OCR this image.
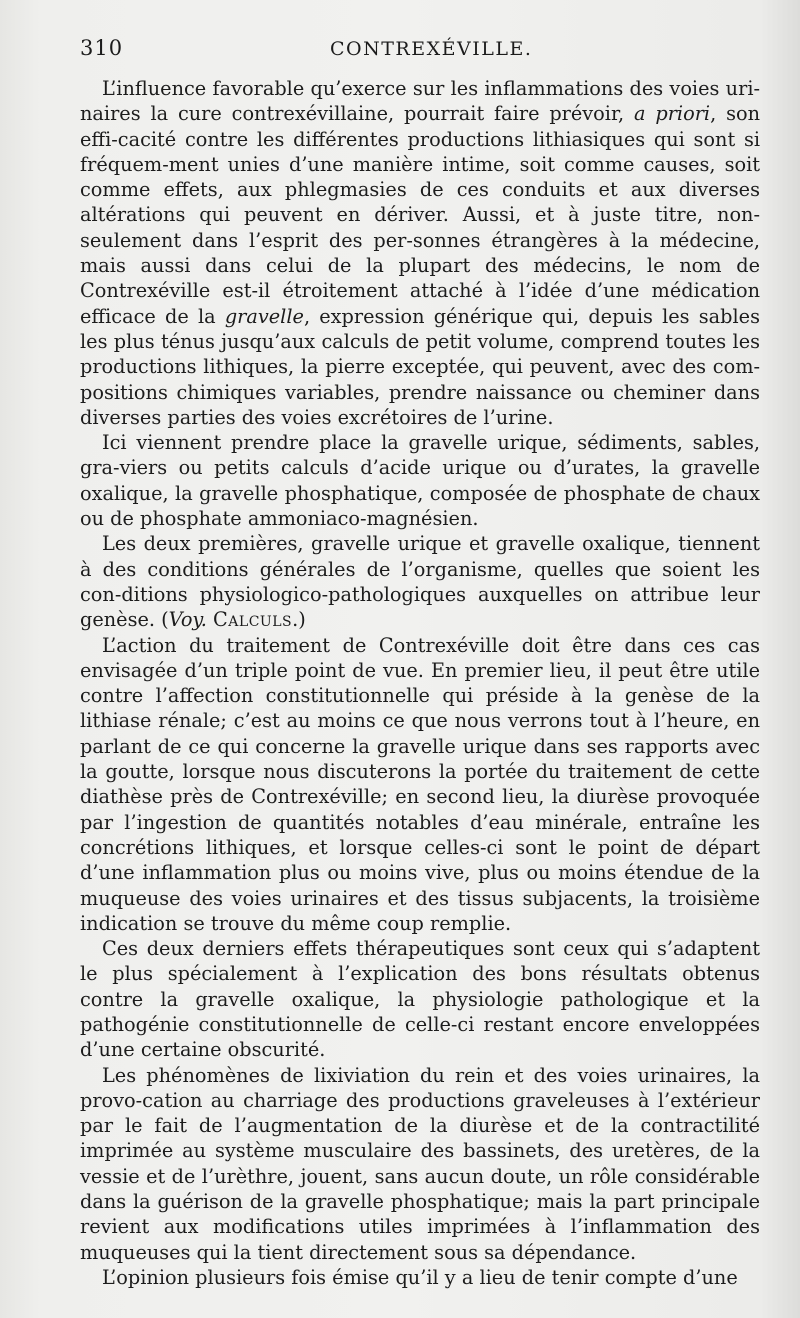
310	CONTREXÉVILLE.

L’influence favorable qu’exerce sur les inflammations des voies uri-naires la cure contrexévillaine, pourrait faire prévoir, a priori, son effi-cacité contre les différentes productions lithiasiques qui sont si fréquem-ment unies d’une manière intime, soit comme causes, soit comme effets, aux phlegmasies de ces conduits et aux diverses altérations qui peuvent en dériver. Aussi, et à juste titre, non-seulement dans l’esprit des per-sonnes étrangères à la médecine, mais aussi dans celui de la plupart des médecins, le nom de Contrexéville est-il étroitement attaché à l’idée d’une médication efficace de la gravelle, expression générique qui, depuis les sables les plus ténus jusqu’aux calculs de petit volume, comprend toutes les productions lithiques, la pierre exceptée, qui peuvent, avec des com-positions chimiques variables, prendre naissance ou cheminer dans diverses parties des voies excrétoires de l’urine.

Ici viennent prendre place la gravelle urique, sédiments, sables, gra-viers ou petits calculs d’acide urique ou d’urates, la gravelle oxalique, la gravelle phosphatique, composée de phosphate de chaux ou de phosphate ammoniaco-magnésien.

Les deux premières, gravelle urique et gravelle oxalique, tiennent à des conditions générales de l’organisme, quelles que soient les con-ditions physiologico-pathologiques auxquelles on attribue leur genèse. (Voy. Calculs.)

L’action du traitement de Contrexéville doit être dans ces cas envisagée d’un triple point de vue. En premier lieu, il peut être utile contre l’affection constitutionnelle qui préside à la genèse de la lithiase rénale; c’est au moins ce que nous verrons tout à l’heure, en parlant de ce qui concerne la gravelle urique dans ses rapports avec la goutte, lorsque nous discuterons la portée du traitement de cette diathèse près de Contrexéville; en second lieu, la diurèse provoquée par l’ingestion de quantités notables d’eau minérale, entraîne les concrétions lithiques, et lorsque celles-ci sont le point de départ d’une inflammation plus ou moins vive, plus ou moins étendue de la muqueuse des voies urinaires et des tissus subjacents, la troisième indication se trouve du même coup remplie.

Ces deux derniers effets thérapeutiques sont ceux qui s’adaptent le plus spécialement à l’explication des bons résultats obtenus contre la gravelle oxalique, la physiologie pathologique et la pathogénie constitutionnelle de celle-ci restant encore enveloppées d’une certaine obscurité.

Les phénomènes de lixiviation du rein et des voies urinaires, la provo-cation au charriage des productions graveleuses à l’extérieur par le fait de l’augmentation de la diurèse et de la contractilité imprimée au système musculaire des bassinets, des uretères, de la vessie et de l’urèthre, jouent, sans aucun doute, un rôle considérable dans la guérison de la gravelle phosphatique; mais la part principale revient aux modifications utiles imprimées à l’inflammation des muqueuses qui la tient directement sous sa dépendance.

L’opinion plusieurs fois émise qu’il y a lieu de tenir compte d’une
